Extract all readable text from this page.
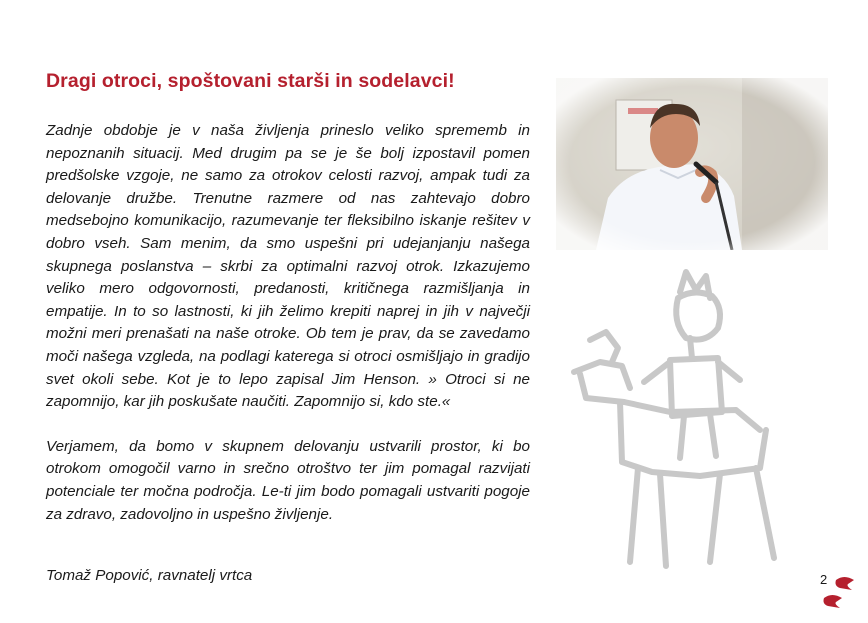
Dragi otroci, spoštovani starši in sodelavci!

Zadnje obdobje je v naša življenja prineslo veliko sprememb in nepoznanih situacij. Med drugim pa se je še bolj izpostavil pomen predšolske vzgoje, ne samo za otrokov celosti razvoj, ampak tudi za delovanje družbe. Trenutne razmere od nas zahtevajo dobro medsebojno komunikacijo, razumevanje ter fleksibilno iskanje rešitev v dobro vseh. Sam menim, da smo uspešni pri udejanjanju našega skupnega poslanstva – skrbi za optimalni razvoj otrok. Izkazujemo veliko mero odgovornosti, predanosti, kritičnega razmišljanja in empatije. In to so lastnosti, ki jih želimo krepiti naprej in jih v največji možni meri prenašati na naše otroke. Ob tem je prav, da se zavedamo moči našega vzgleda, na podlagi katerega si otroci osmišljajo in gradijo svet okoli sebe. Kot je to lepo zapisal Jim Henson. » Otroci si ne zapomnijo, kar jih poskušate naučiti. Zapomnijo si, kdo ste.«

Verjamem, da bomo v skupnem delovanju ustvarili prostor, ki bo otrokom omogočil varno in srečno otroštvo ter jim pomagal razvijati potenciale ter močna področja. Le-ti jim bodo pomagali ustvariti pogoje za zdravo, zadovoljno in uspešno življenje.

Tomaž Popović, ravnatelj vrtca	2
